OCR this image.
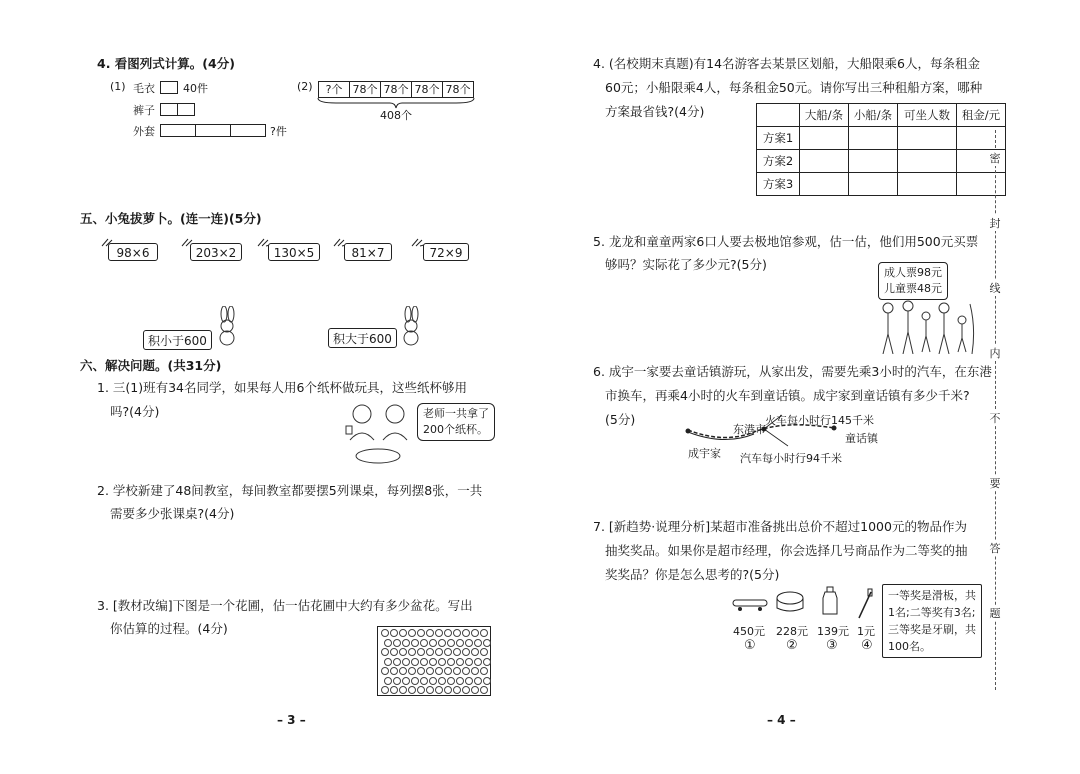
4. 看图列式计算。(4分)
(1) 毛衣	40件
裤子
外套	?件
(2)	?个 78个 78个 78个 78个
408个
五、小兔拔萝卜。(连一连)(5分)
98×6	203×2	130×5	81×7	72×9
积小于600	积大于600
六、解决问题。(共31分)
1. 三(1)班有34名同学，如果每人用6个纸杯做玩具，这些纸杯够用
吗?(4分)	老师一共拿了
200个纸杯。
2. 学校新建了48间教室，每间教室都要摆5列课桌，每列摆8张，一共
需要多少张课桌?(4分)
3. [教材改编]下图是一个花圃，估一估花圃中大约有多少盆花。写出
你估算的过程。(4分)
– 3 –
4. (名校期末真题)有14名游客去某景区划船，大船限乘6人，每条租金
60元；小船限乘4人，每条租金50元。请你写出三种租船方案，哪种
方案最省钱?(4分)
		大船/条	小船/条	可坐人数	租金/元
方案1				
方案2				
方案3				
5. 龙龙和童童两家6口人要去极地馆参观，估一估，他们用500元买票
够吗？实际花了多少元?(5分)
成人票98元
儿童票48元
6. 成宇一家要去童话镇游玩，从家出发，需要先乘3小时的汽车，在东港
市换车，再乘4小时的火车到童话镇。成宇家到童话镇有多少千米?
(5分)	火车每小时行145千米
东港市
童话镇
成宇家 汽车每小时行94千米
7. [新趋势·说理分析]某超市准备挑出总价不超过1000元的物品作为
抽奖奖品。如果你是超市经理，你会选择几号商品作为二等奖的抽
奖奖品？你是怎么思考的?(5分)
450元
①
228元
②
139元
③
1元
④
一等奖是滑板，共
1名;二等奖有3名;
三等奖是牙刷，共
100名。
– 4 –
密
封
线
内
不
要
答
题
